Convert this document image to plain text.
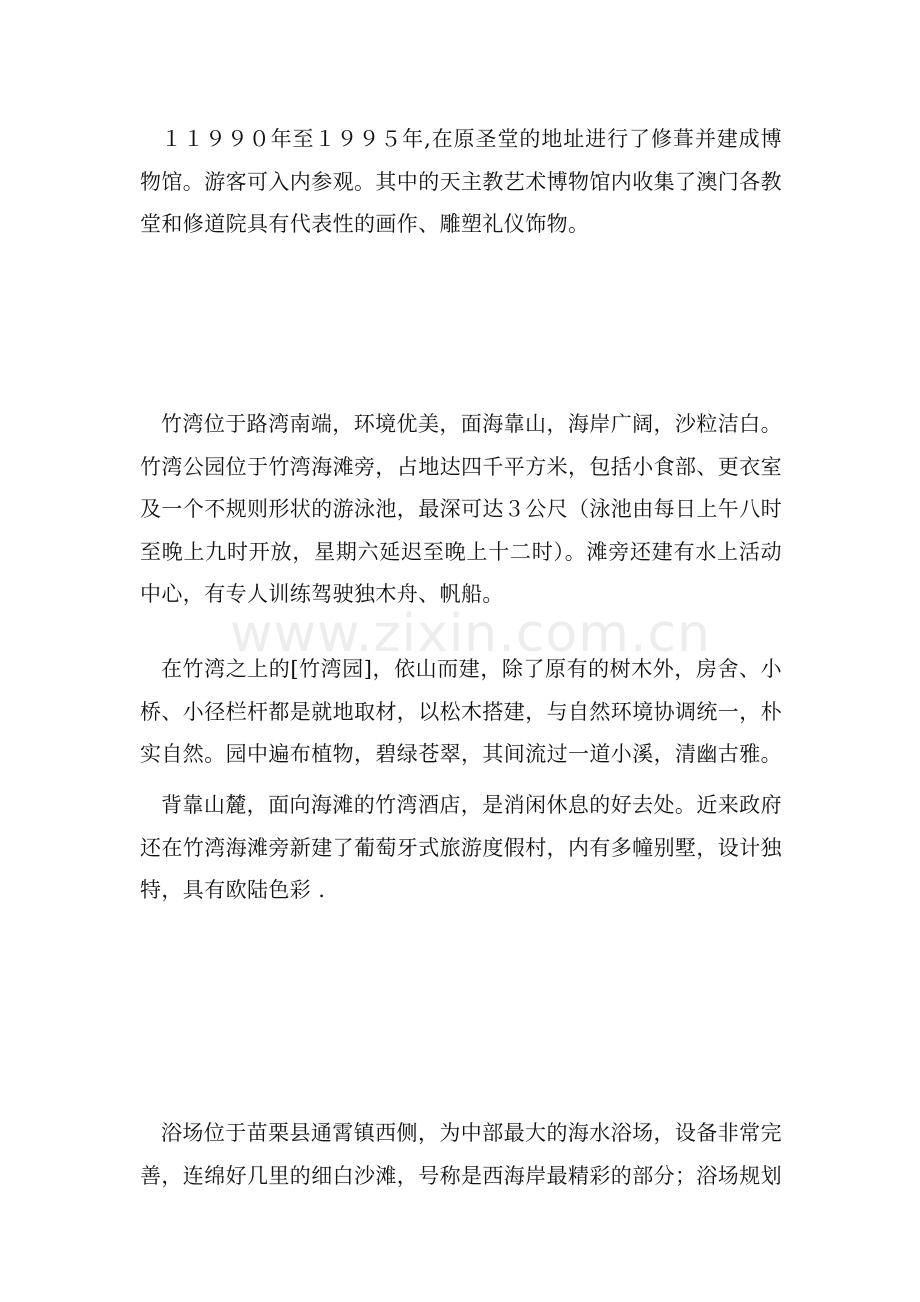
１１９９０年至１９９５年,在原圣堂的地址进行了修葺并建成博物馆。游客可入内参观。其中的天主教艺术博物馆内收集了澳门各教堂和修道院具有代表性的画作、雕塑礼仪饰物。

竹湾位于路湾南端，环境优美，面海靠山，海岸广阔，沙粒洁白。竹湾公园位于竹湾海滩旁，占地达四千平方米，包括小食部、更衣室及一个不规则形状的游泳池，最深可达３公尺（泳池由每日上午八时至晚上九时开放，星期六延迟至晚上十二时）。滩旁还建有水上活动中心，有专人训练驾驶独木舟、帆船。

在竹湾之上的[竹湾园]，依山而建，除了原有的树木外，房舍、小桥、小径栏杆都是就地取材，以松木搭建，与自然环境协调统一，朴实自然。园中遍布植物，碧绿苍翠，其间流过一道小溪，清幽古雅。

背靠山麓，面向海滩的竹湾酒店，是消闲休息的好去处。近来政府还在竹湾海滩旁新建了葡萄牙式旅游度假村，内有多幢别墅，设计独特，具有欧陆色彩 .

浴场位于苗栗县通霄镇西侧，为中部最大的海水浴场，设备非常完善，连绵好几里的细白沙滩，号称是西海岸最精彩的部分；浴场规划

www.zixin.com.cn
